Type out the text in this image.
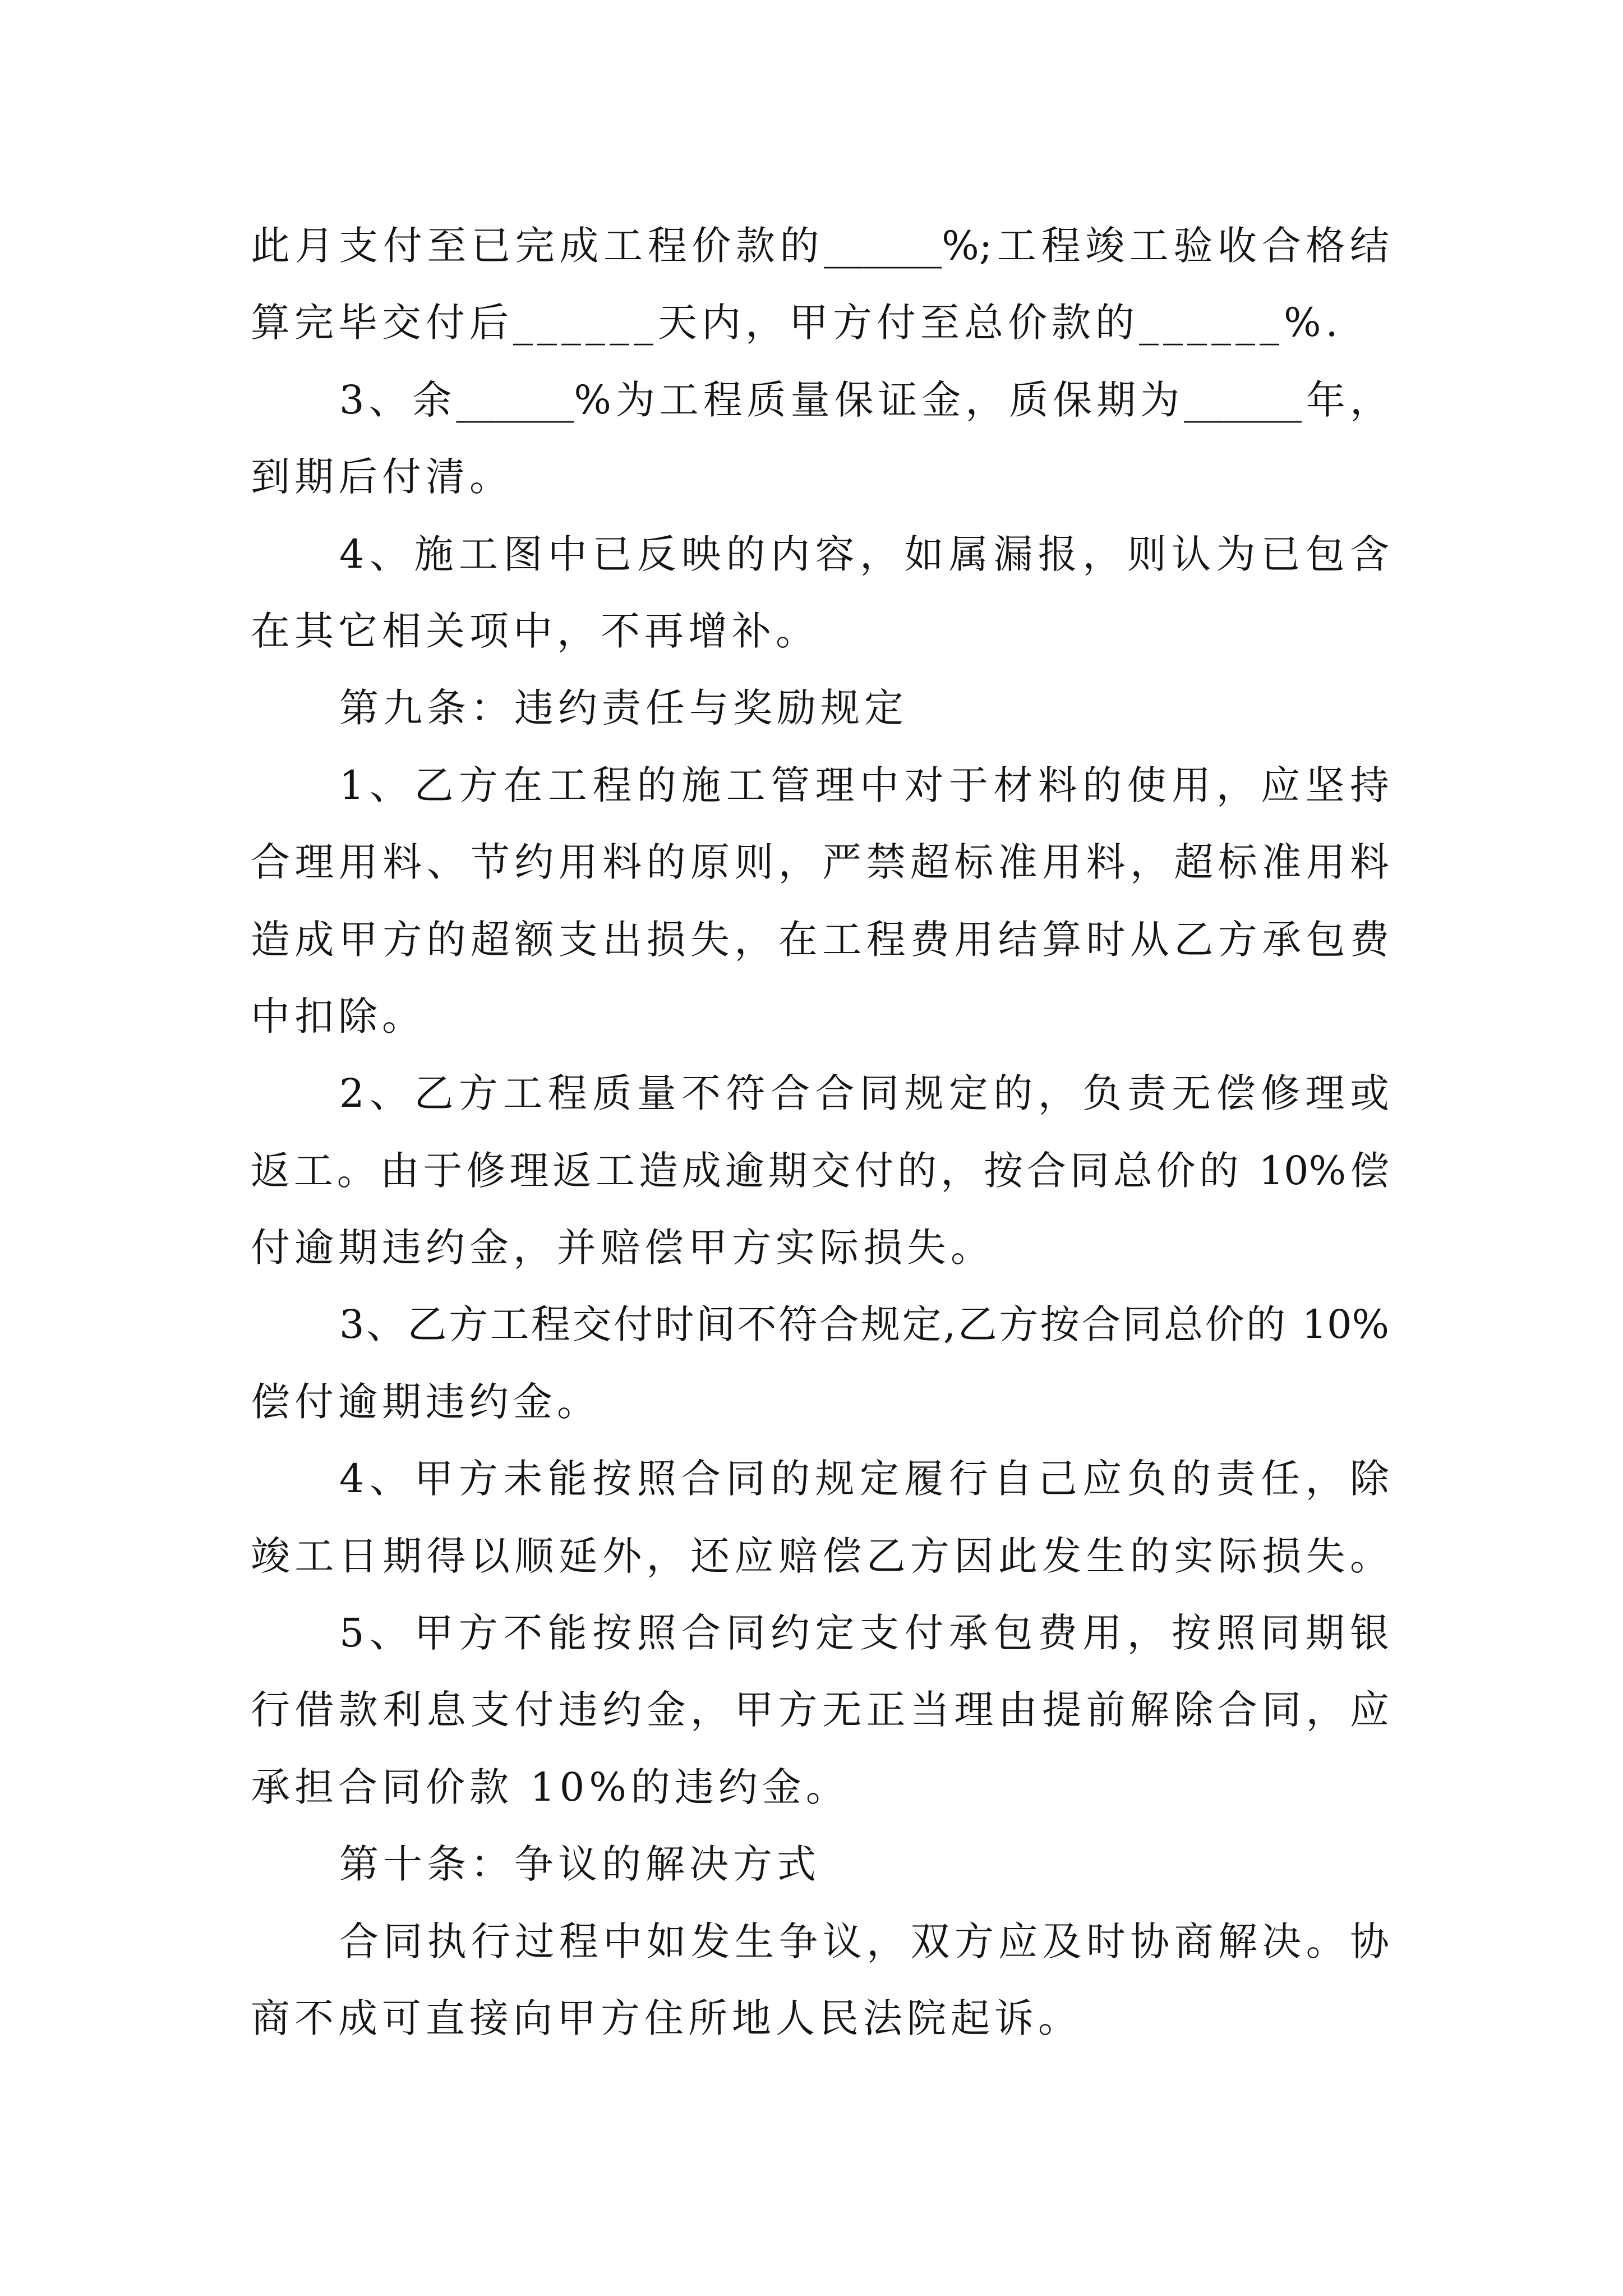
此月支付至已完成工程价款的______%;工程竣工验收合格结
算完毕交付后______天内，甲方付至总价款的______%.
3、余______%为工程质量保证金，质保期为______年，
到期后付清。
4、施工图中已反映的内容，如属漏报，则认为已包含
在其它相关项中，不再增补。
第九条：违约责任与奖励规定
1、乙方在工程的施工管理中对于材料的使用，应坚持
合理用料、节约用料的原则，严禁超标准用料，超标准用料
造成甲方的超额支出损失，在工程费用结算时从乙方承包费
中扣除。
2、乙方工程质量不符合合同规定的，负责无偿修理或
返工。由于修理返工造成逾期交付的，按合同总价的 10%偿
付逾期违约金，并赔偿甲方实际损失。
3、乙方工程交付时间不符合规定,乙方按合同总价的 10%
偿付逾期违约金。
4、甲方未能按照合同的规定履行自己应负的责任，除
竣工日期得以顺延外，还应赔偿乙方因此发生的实际损失。
5、甲方不能按照合同约定支付承包费用，按照同期银
行借款利息支付违约金，甲方无正当理由提前解除合同，应
承担合同价款 10%的违约金。
第十条：争议的解决方式
合同执行过程中如发生争议，双方应及时协商解决。协
商不成可直接向甲方住所地人民法院起诉。
